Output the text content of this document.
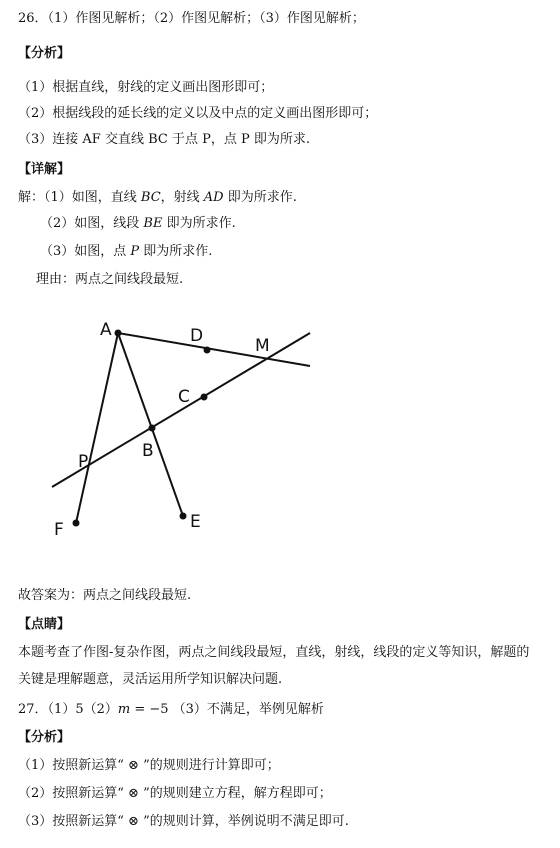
26．（1）作图见解析；（2）作图见解析；（3）作图见解析；
【分析】
（1）根据直线，射线的定义画出图形即可；
（2）根据线段的延长线的定义以及中点的定义画出图形即可；
（3）连接 AF 交直线 BC 于点 P，点 P 即为所求.
【详解】
解：（1）如图，直线 BC，射线 AD 即为所求作.
（2）如图，线段 BE 即为所求作.
（3）如图，点 P 即为所求作.
理由：两点之间线段最短.
A	D	M
C
B
P
F	E
故答案为：两点之间线段最短.
【点睛】
本题考查了作图-复杂作图，两点之间线段最短，直线，射线，线段的定义等知识，解题的
关键是理解题意，灵活运用所学知识解决问题.
27．（1）5（2）m = −5 （3）不满足，举例见解析
【分析】
（1）按照新运算“ ⊗ ”的规则进行计算即可；
（2）按照新运算“ ⊗ ”的规则建立方程，解方程即可；
（3）按照新运算“ ⊗ ”的规则计算，举例说明不满足即可.
